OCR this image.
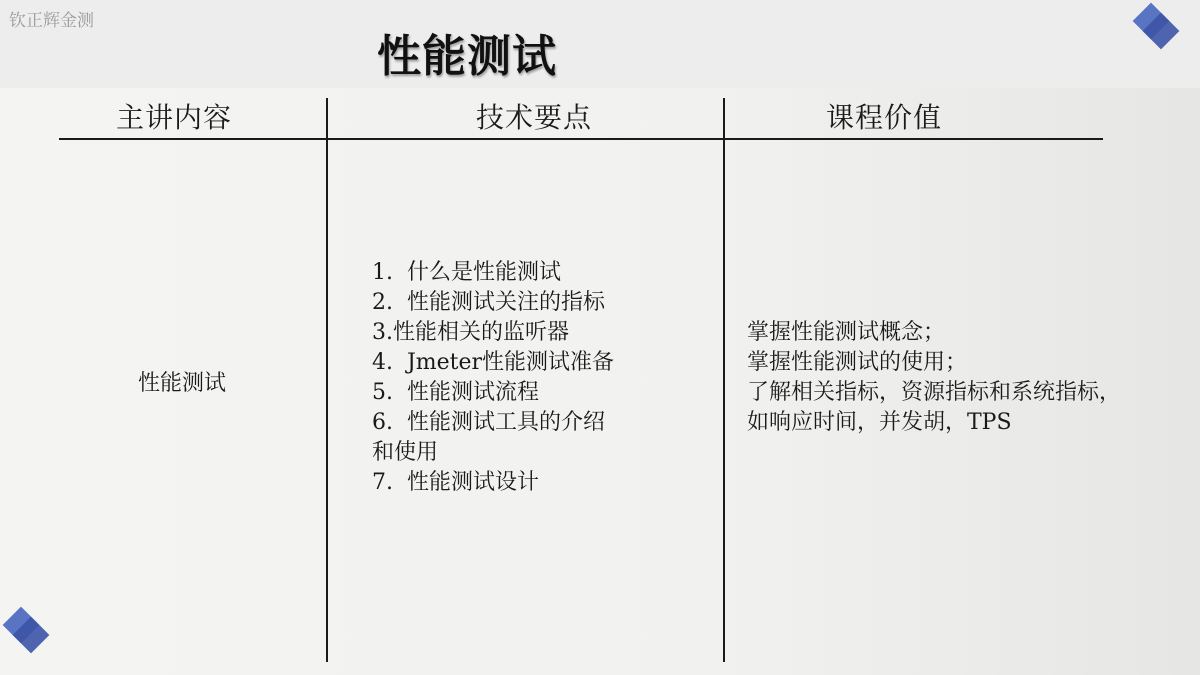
钦正辉金测
性能测试
主讲内容	技术要点	课程价值
性能测试
1.  什么是性能测试
2.  性能测试关注的指标
3.性能相关的监听器
4.  Jmeter性能测试准备
5.  性能测试流程
6.  性能测试工具的介绍
和使用
7.  性能测试设计
掌握性能测试概念；
掌握性能测试的使用；
了解相关指标，资源指标和系统指标，
如响应时间，并发胡，TPS
